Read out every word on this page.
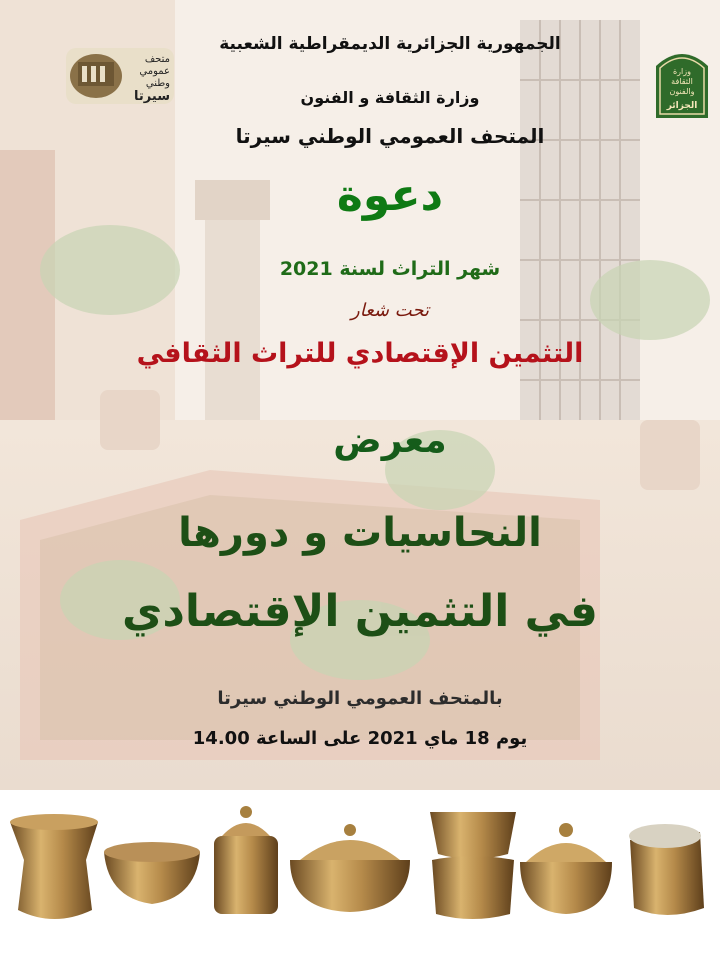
متحف
عمومي
وطني
سيرتا
وزارة
الثقافة
والفنون
الجزائر

الجمهورية الجزائرية الديمقراطية الشعبية

وزارة الثقافة و الفنون

المتحف العمومي الوطني سيرتا

دعوة

شهر التراث لسنة 2021

تحت شعار

التثمين الإقتصادي للتراث الثقافي

معرض

النحاسيات و دورها

في التثمين الإقتصادي

بالمتحف العمومي الوطني سيرتا

يوم 18 ماي 2021 على الساعة 14.00
